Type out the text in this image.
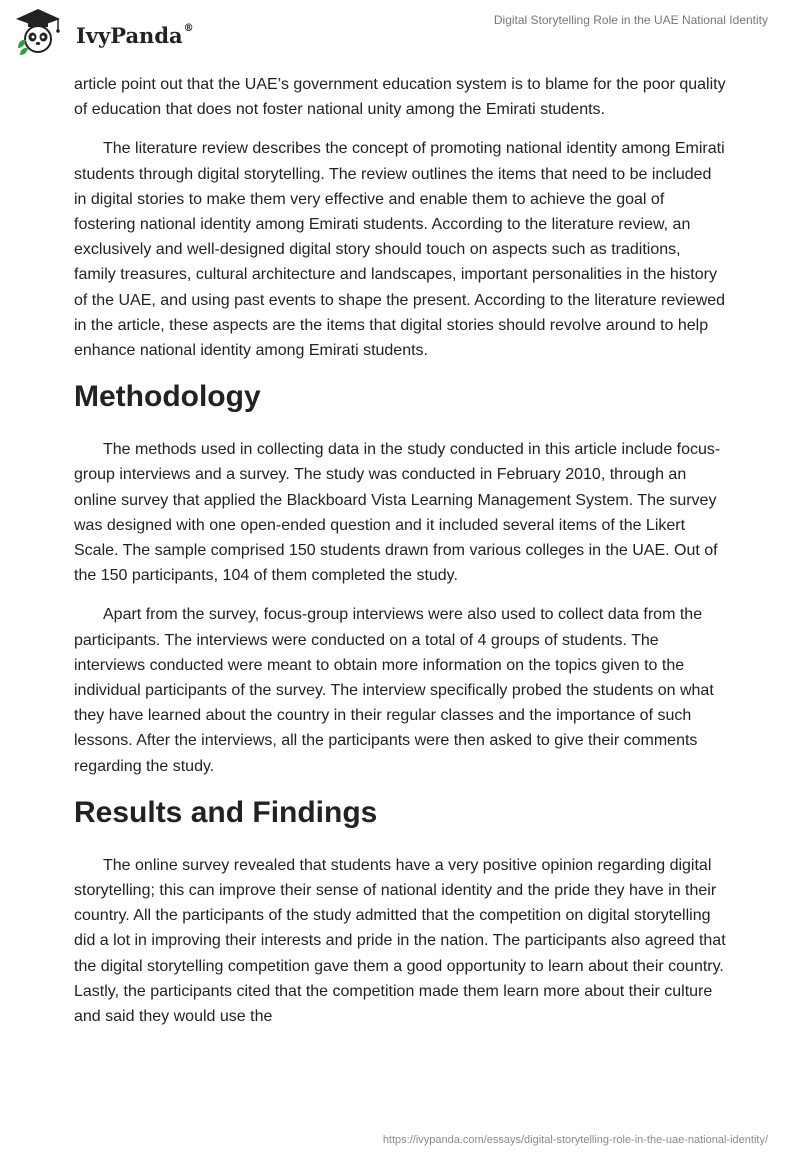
IvyPanda®
Digital Storytelling Role in the UAE National Identity

article point out that the UAE’s government education system is to blame for the poor quality of education that does not foster national unity among the Emirati students.

The literature review describes the concept of promoting national identity among Emirati students through digital storytelling. The review outlines the items that need to be included in digital stories to make them very effective and enable them to achieve the goal of fostering national identity among Emirati students. According to the literature review, an exclusively and well-designed digital story should touch on aspects such as traditions, family treasures, cultural architecture and landscapes, important personalities in the history of the UAE, and using past events to shape the present. According to the literature reviewed in the article, these aspects are the items that digital stories should revolve around to help enhance national identity among Emirati students.

Methodology

The methods used in collecting data in the study conducted in this article include focus-group interviews and a survey. The study was conducted in February 2010, through an online survey that applied the Blackboard Vista Learning Management System. The survey was designed with one open-ended question and it included several items of the Likert Scale. The sample comprised 150 students drawn from various colleges in the UAE. Out of the 150 participants, 104 of them completed the study.

Apart from the survey, focus-group interviews were also used to collect data from the participants. The interviews were conducted on a total of 4 groups of students. The interviews conducted were meant to obtain more information on the topics given to the individual participants of the survey. The interview specifically probed the students on what they have learned about the country in their regular classes and the importance of such lessons. After the interviews, all the participants were then asked to give their comments regarding the study.

Results and Findings

The online survey revealed that students have a very positive opinion regarding digital storytelling; this can improve their sense of national identity and the pride they have in their country. All the participants of the study admitted that the competition on digital storytelling did a lot in improving their interests and pride in the nation. The participants also agreed that the digital storytelling competition gave them a good opportunity to learn about their country. Lastly, the participants cited that the competition made them learn more about their culture and said they would use the

https://ivypanda.com/essays/digital-storytelling-role-in-the-uae-national-identity/
